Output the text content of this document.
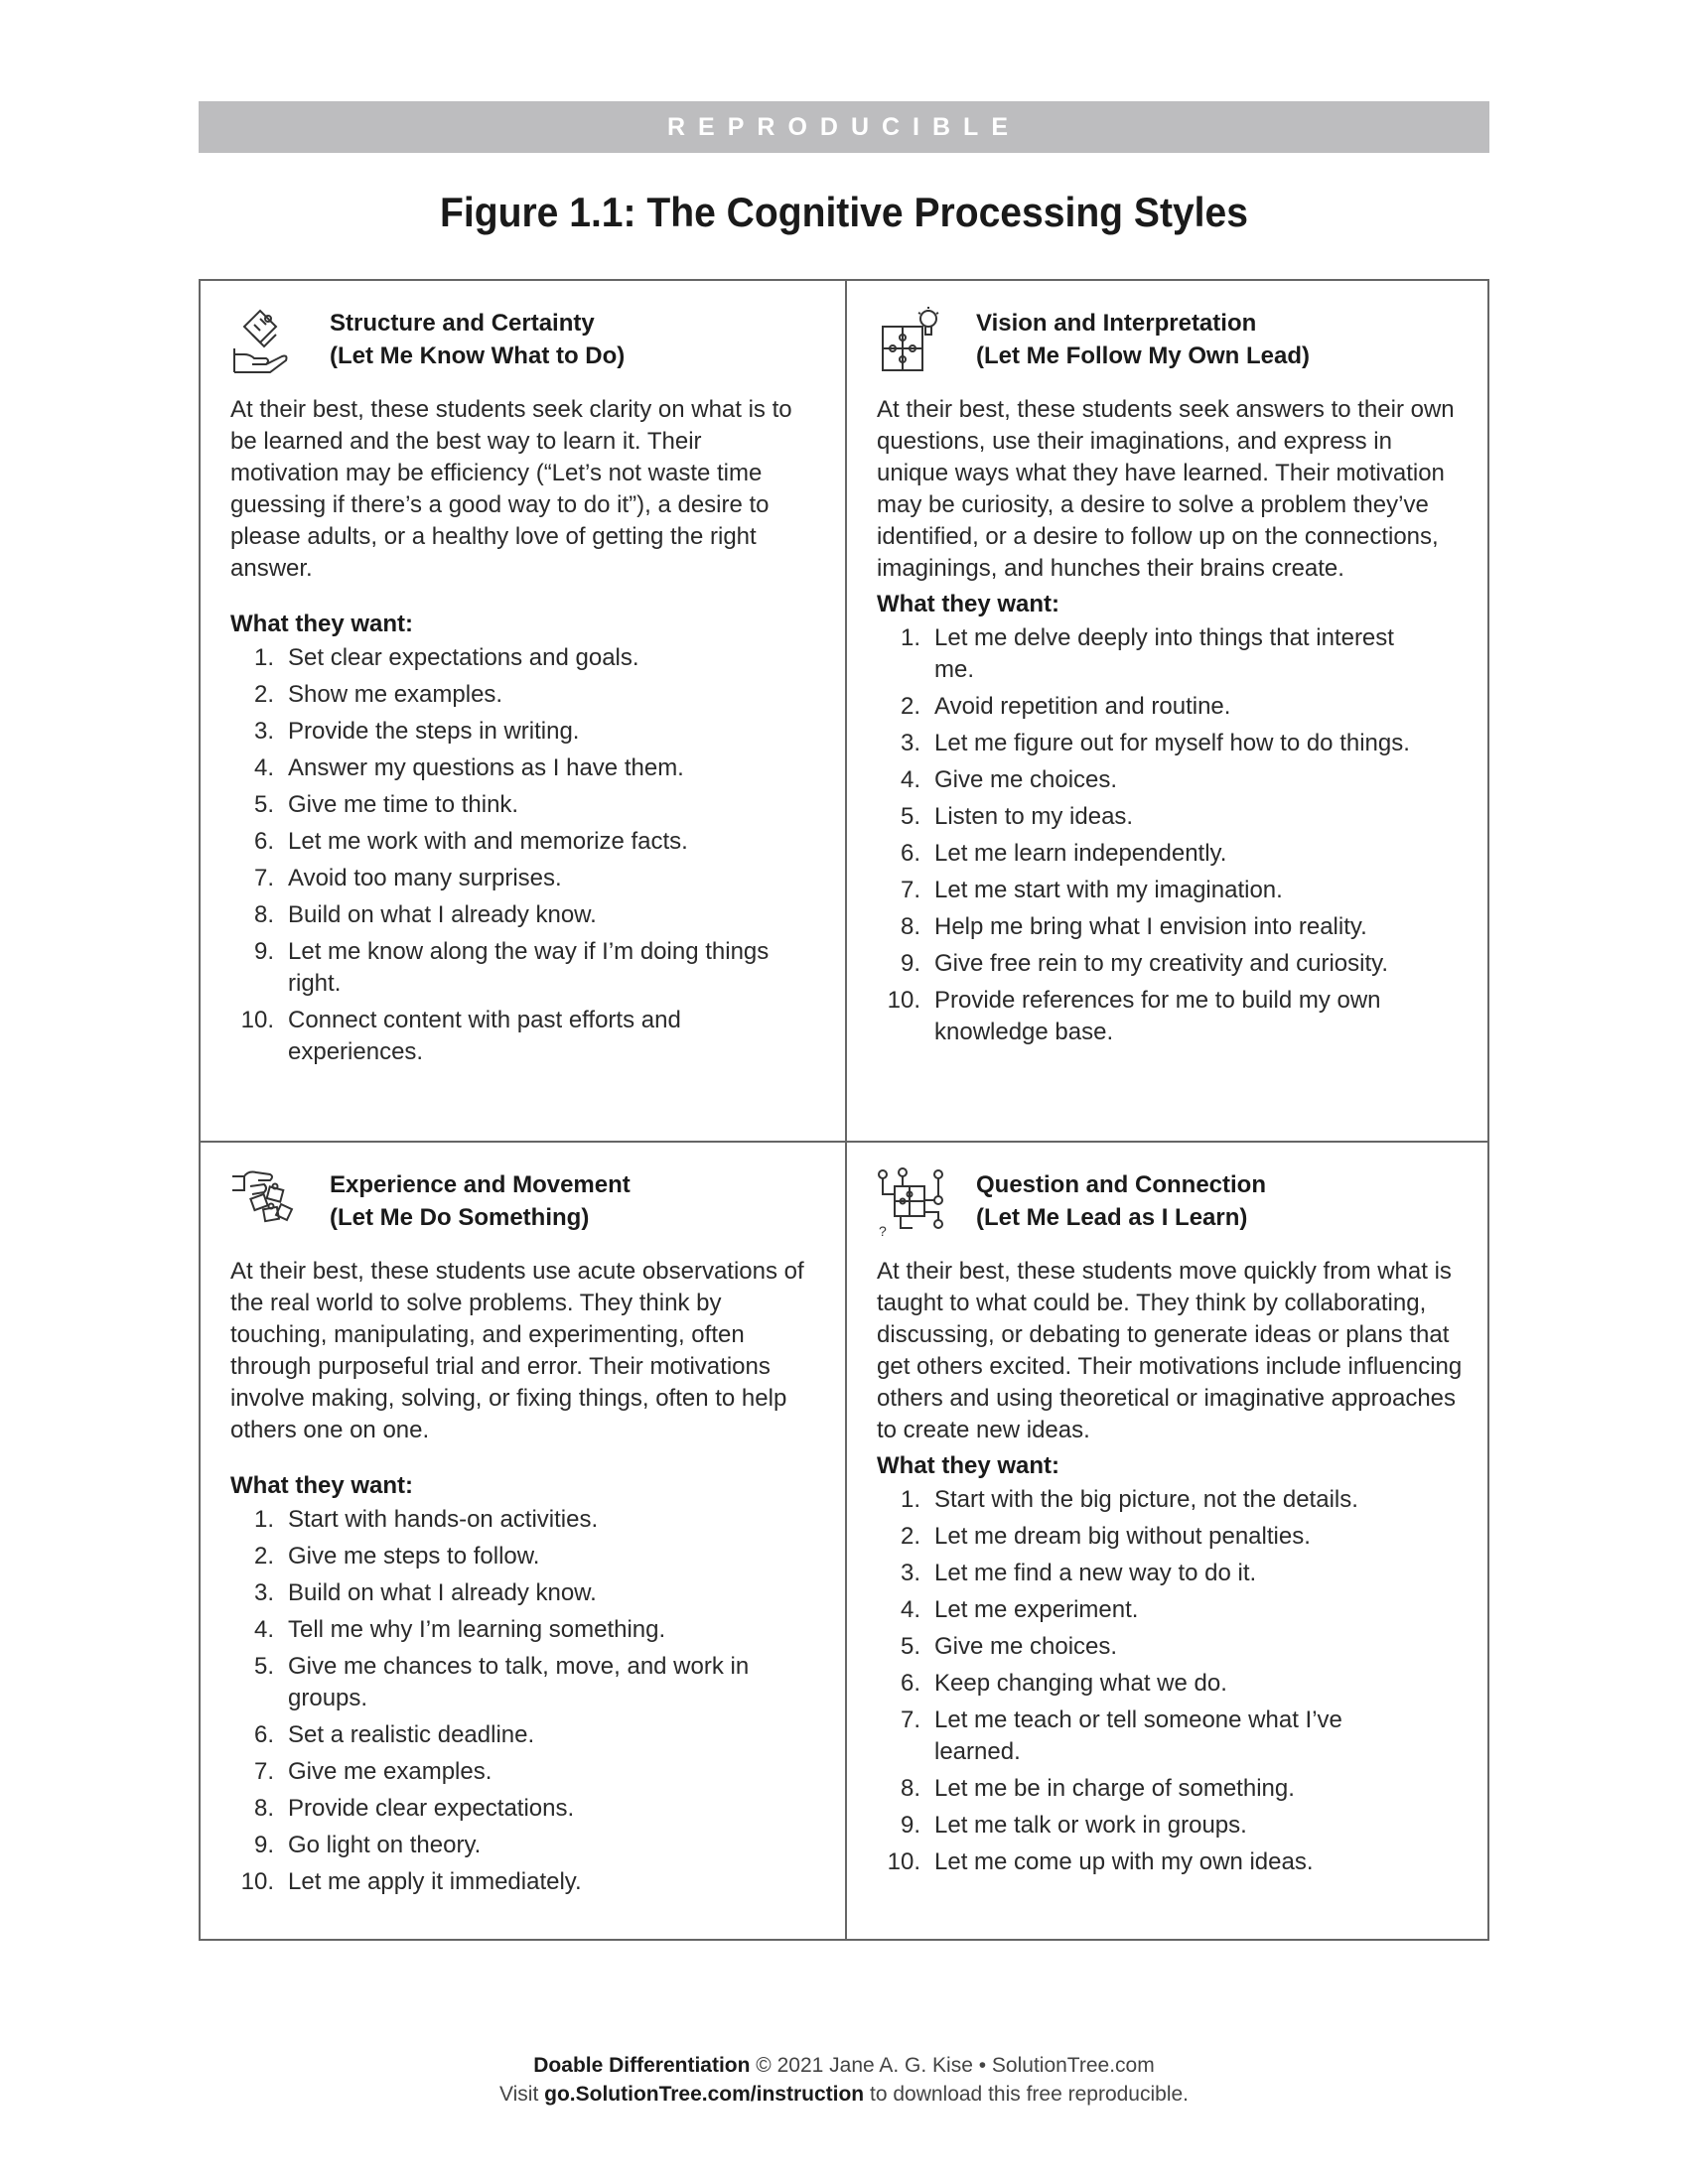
REPRODUCIBLE
Figure 1.1: The Cognitive Processing Styles
Structure and Certainty
(Let Me Know What to Do)

At their best, these students seek clarity on what is to be learned and the best way to learn it. Their motivation may be efficiency (“Let’s not waste time guessing if there’s a good way to do it”), a desire to please adults, or a healthy love of getting the right answer.

What they want:
1. Set clear expectations and goals.
2. Show me examples.
3. Provide the steps in writing.
4. Answer my questions as I have them.
5. Give me time to think.
6. Let me work with and memorize facts.
7. Avoid too many surprises.
8. Build on what I already know.
9. Let me know along the way if I’m doing things right.
10. Connect content with past efforts and experiences.
Vision and Interpretation
(Let Me Follow My Own Lead)

At their best, these students seek answers to their own questions, use their imaginations, and express in unique ways what they have learned. Their motivation may be curiosity, a desire to solve a problem they’ve identified, or a desire to follow up on the connections, imaginings, and hunches their brains create.

What they want:
1. Let me delve deeply into things that interest me.
2. Avoid repetition and routine.
3. Let me figure out for myself how to do things.
4. Give me choices.
5. Listen to my ideas.
6. Let me learn independently.
7. Let me start with my imagination.
8. Help me bring what I envision into reality.
9. Give free rein to my creativity and curiosity.
10. Provide references for me to build my own knowledge base.
Experience and Movement
(Let Me Do Something)

At their best, these students use acute observations of the real world to solve problems. They think by touching, manipulating, and experimenting, often through purposeful trial and error. Their motivations involve making, solving, or fixing things, often to help others one on one.

What they want:
1. Start with hands-on activities.
2. Give me steps to follow.
3. Build on what I already know.
4. Tell me why I’m learning something.
5. Give me chances to talk, move, and work in groups.
6. Set a realistic deadline.
7. Give me examples.
8. Provide clear expectations.
9. Go light on theory.
10. Let me apply it immediately.
?
Question and Connection
(Let Me Lead as I Learn)

At their best, these students move quickly from what is taught to what could be. They think by collaborating, discussing, or debating to generate ideas or plans that get others excited. Their motivations include influencing others and using theoretical or imaginative approaches to create new ideas.

What they want:
1. Start with the big picture, not the details.
2. Let me dream big without penalties.
3. Let me find a new way to do it.
4. Let me experiment.
5. Give me choices.
6. Keep changing what we do.
7. Let me teach or tell someone what I’ve learned.
8. Let me be in charge of something.
9. Let me talk or work in groups.
10. Let me come up with my own ideas.
Doable Differentiation © 2021 Jane A. G. Kise • SolutionTree.com
Visit go.SolutionTree.com/instruction to download this free reproducible.
